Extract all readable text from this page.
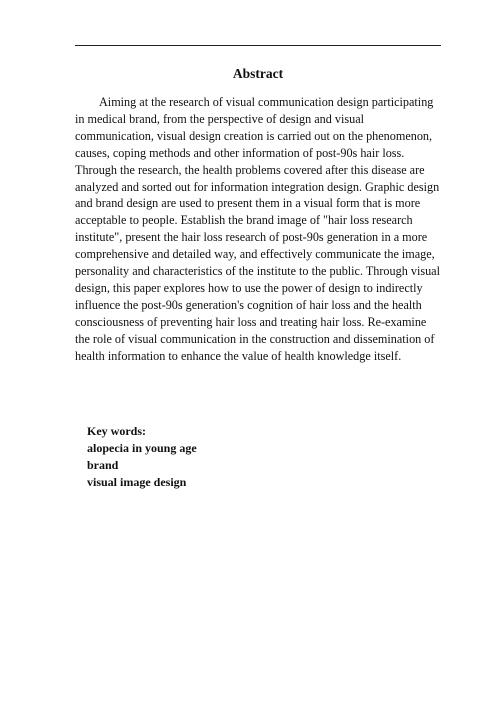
Abstract

Aiming at the research of visual communication design participating in medical brand, from the perspective of design and visual communication, visual design creation is carried out on the phenomenon, causes, coping methods and other information of post-90s hair loss. Through the research, the health problems covered after this disease are analyzed and sorted out for information integration design. Graphic design and brand design are used to present them in a visual form that is more acceptable to people. Establish the brand image of "hair loss research institute", present the hair loss research of post-90s generation in a more comprehensive and detailed way, and effectively communicate the image, personality and characteristics of the institute to the public. Through visual design, this paper explores how to use the power of design to indirectly influence the post-90s generation's cognition of hair loss and the health consciousness of preventing hair loss and treating hair loss. Re-examine the role of visual communication in the construction and dissemination of health information to enhance the value of health knowledge itself.

Key words:
alopecia in young age
brand
visual image design
